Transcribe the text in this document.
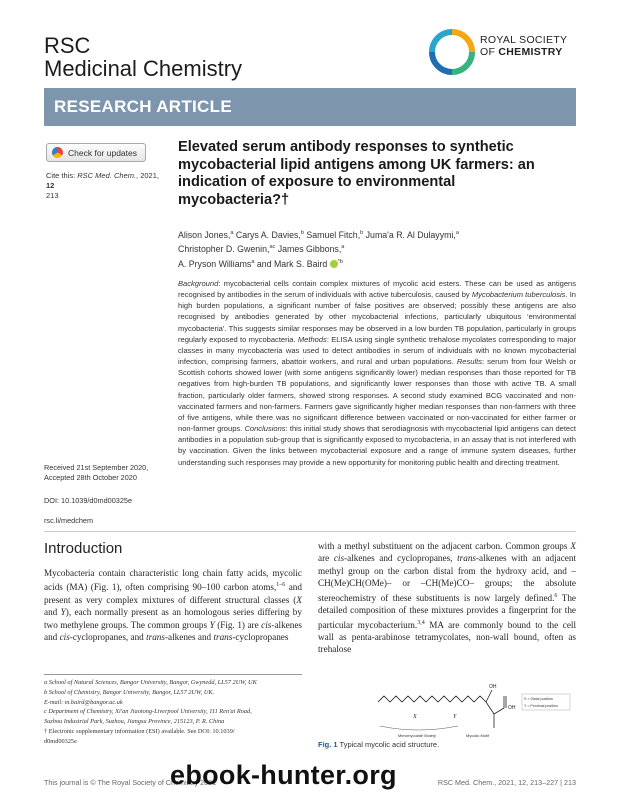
RSC
Medicinal Chemistry
ROYAL SOCIETY
OF CHEMISTRY
RESEARCH ARTICLE
Check for updates
Cite this: RSC Med. Chem., 2021, 12
213
Elevated serum antibody responses to synthetic mycobacterial lipid antigens among UK farmers: an indication of exposure to environmental mycobacteria?†
Alison Jones,$^a$ Carys A. Davies,$^b$ Samuel Fitch,$^b$ Juma'a R. Al Dulayymi,$^a$
Christopher D. Gwenin,$^{ac}$ James Gibbons,$^a$
A. Pryson Williams$^a$ and Mark S. Baird $^{*b}$
Background: mycobacterial cells contain complex mixtures of mycolic acid esters. These can be used as antigens recognised by antibodies in the serum of individuals with active tuberculosis, caused by Mycobacterium tuberculosis. In high burden populations, a significant number of false positives are observed; possibly these antigens are also recognised by antibodies generated by other mycobacterial infections, particularly ubiquitous 'environmental mycobacteria'. This suggests similar responses may be observed in a low burden TB population, particularly in groups regularly exposed to mycobacteria. Methods: ELISA using single synthetic trehalose mycolates corresponding to major classes in many mycobacteria was used to detect antibodies in serum of individuals with no known mycobacterial infection, comprising farmers, abattoir workers, and rural and urban populations. Results: serum from four Welsh or Scottish cohorts showed lower (with some antigens significantly lower) median responses than those reported for TB negatives from high-burden TB populations, and significantly lower responses than those with active TB. A small fraction, particularly older farmers, showed strong responses. A second study examined BCG vaccinated and non-vaccinated farmers and non-farmers. Farmers gave significantly higher median responses than non-farmers with three of five antigens, while there was no significant difference between vaccinated or non-vaccinated for either farmer or non-farmer groups. Conclusions: this initial study shows that serodiagnosis with mycobacterial lipid antigens can detect antibodies in a population sub-group that is significantly exposed to mycobacteria, in an assay that is not interfered with by vaccination. Given the links between mycobacterial exposure and a range of immune system diseases, further understanding such responses may provide a new opportunity for monitoring public health and directing treatment.
Received 21st September 2020,
Accepted 28th October 2020
DOI: 10.1039/d0md00325e
rsc.li/medchem
Introduction
Mycobacteria contain characteristic long chain fatty acids, mycolic acids (MA) (Fig. 1), often comprising 90–100 carbon atoms,$^{1-6}$ and present as very complex mixtures of different structural classes (X and Y), each normally present as an homologous series differing by two methylene groups. The common groups Y (Fig. 1) are cis-alkenes and cis-cyclopropanes, and trans-alkenes and trans-cyclopropanes
with a methyl substituent on the adjacent carbon. Common groups X are cis-alkenes and cyclopropanes, trans-alkenes with an adjacent methyl group on the carbon distal from the hydroxy acid, and –CH(Me)CH(OMe)– or –CH(Me)CO– groups; the absolute stereochemistry of these substituents is now largely defined.$^6$ The detailed composition of these mixtures provides a fingerprint for the particular mycobacterium.$^{3,4}$ MA are commonly bound to the cell wall as penta-arabinose tetramycolates, non-wall bound, often as trehalose
a School of Natural Sciences, Bangor University, Bangor, Gwynedd, LL57 2UW, UK
b School of Chemistry, Bangor University, Bangor, LL57 2UW, UK.
E-mail: m.baird@bangor.ac.uk
c Department of Chemistry, Xi'an Jiaotong-Liverpool University, 111 Ren'ai Road,
Suzhou Industrial Park, Suzhou, Jiangsu Province, 215123, P. R. China
† Electronic supplementary information (ESI) available. See DOI: 10.1039/
d0md00325e
OH
OH
X	Y
Meromycolate Moiety	Mycolic Motif
X = Distal position
Y = Proximal position
Fig. 1 Typical mycolic acid structure.
This journal is © The Royal Society of Chemistry 2021	RSC Med. Chem., 2021, 12, 213–227 | 213
ebook-hunter.org
